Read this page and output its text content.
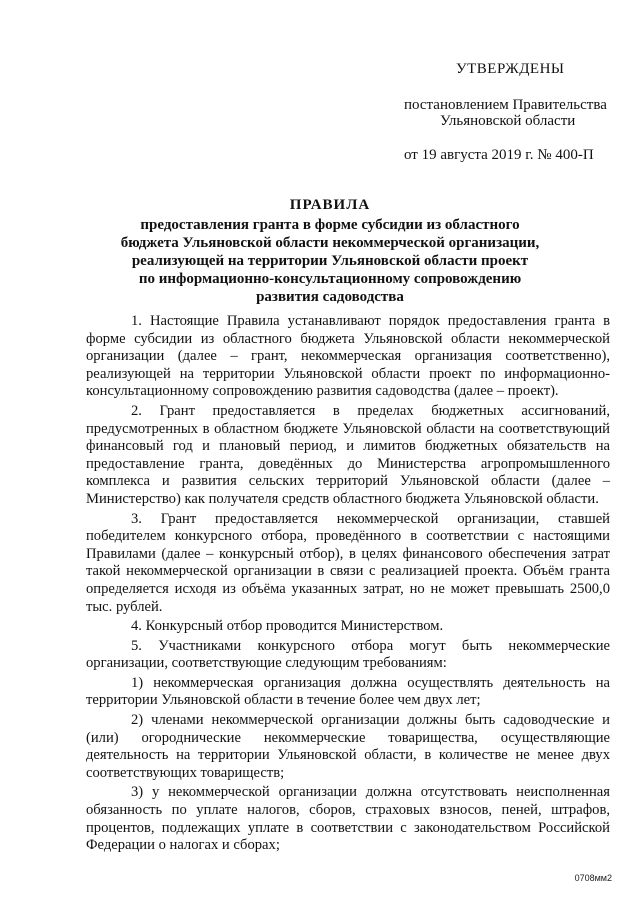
УТВЕРЖДЕНЫ
постановлением Правительства
Ульяновской области
от 19 августа 2019 г. № 400-П
ПРАВИЛА
предоставления гранта в форме субсидии из областного
бюджета Ульяновской области некоммерческой организации,
реализующей на территории Ульяновской области проект
по информационно-консультационному сопровождению
развития садоводства

1. Настоящие Правила устанавливают порядок предоставления гранта в форме субсидии из областного бюджета Ульяновской области некоммерческой организации (далее – грант, некоммерческая организация соответственно), реализующей на территории Ульяновской области проект по информационно-консультационному сопровождению развития садоводства (далее – проект).

2. Грант предоставляется в пределах бюджетных ассигнований, предусмотренных в областном бюджете Ульяновской области на соответствующий финансовый год и плановый период, и лимитов бюджетных обязательств на предоставление гранта, доведённых до Министерства агропромышленного комплекса и развития сельских территорий Ульяновской области (далее – Министерство) как получателя средств областного бюджета Ульяновской области.

3. Грант предоставляется некоммерческой организации, ставшей победителем конкурсного отбора, проведённого в соответствии с настоящими Правилами (далее – конкурсный отбор), в целях финансового обеспечения затрат такой некоммерческой организации в связи с реализацией проекта. Объём гранта определяется исходя из объёма указанных затрат, но не может превышать 2500,0 тыс. рублей.

4. Конкурсный отбор проводится Министерством.

5. Участниками конкурсного отбора могут быть некоммерческие организации, соответствующие следующим требованиям:

1) некоммерческая организация должна осуществлять деятельность на территории Ульяновской области в течение более чем двух лет;

2) членами некоммерческой организации должны быть садоводческие и (или) огороднические некоммерческие товарищества, осуществляющие деятельность на территории Ульяновской области, в количестве не менее двух соответствующих товариществ;

3) у некоммерческой организации должна отсутствовать неисполненная обязанность по уплате налогов, сборов, страховых взносов, пеней, штрафов, процентов, подлежащих уплате в соответствии с законодательством Российской Федерации о налогах и сборах;

0708мм2
